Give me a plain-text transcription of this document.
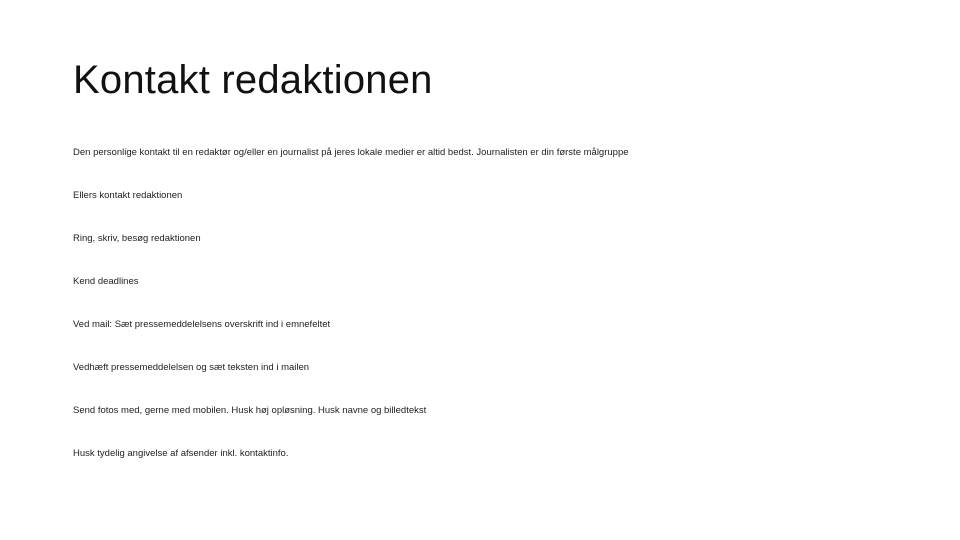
Kontakt redaktionen
Den personlige kontakt til en redaktør og/eller en journalist på jeres lokale medier er altid bedst. Journalisten er din første målgruppe
Ellers kontakt redaktionen
Ring, skriv, besøg redaktionen
Kend deadlines
Ved mail: Sæt pressemeddelelsens overskrift ind i emnefeltet
Vedhæft pressemeddelelsen og sæt teksten ind i mailen
Send fotos med, gerne med mobilen. Husk høj opløsning. Husk navne og billedtekst
Husk tydelig angivelse af afsender inkl. kontaktinfo.
